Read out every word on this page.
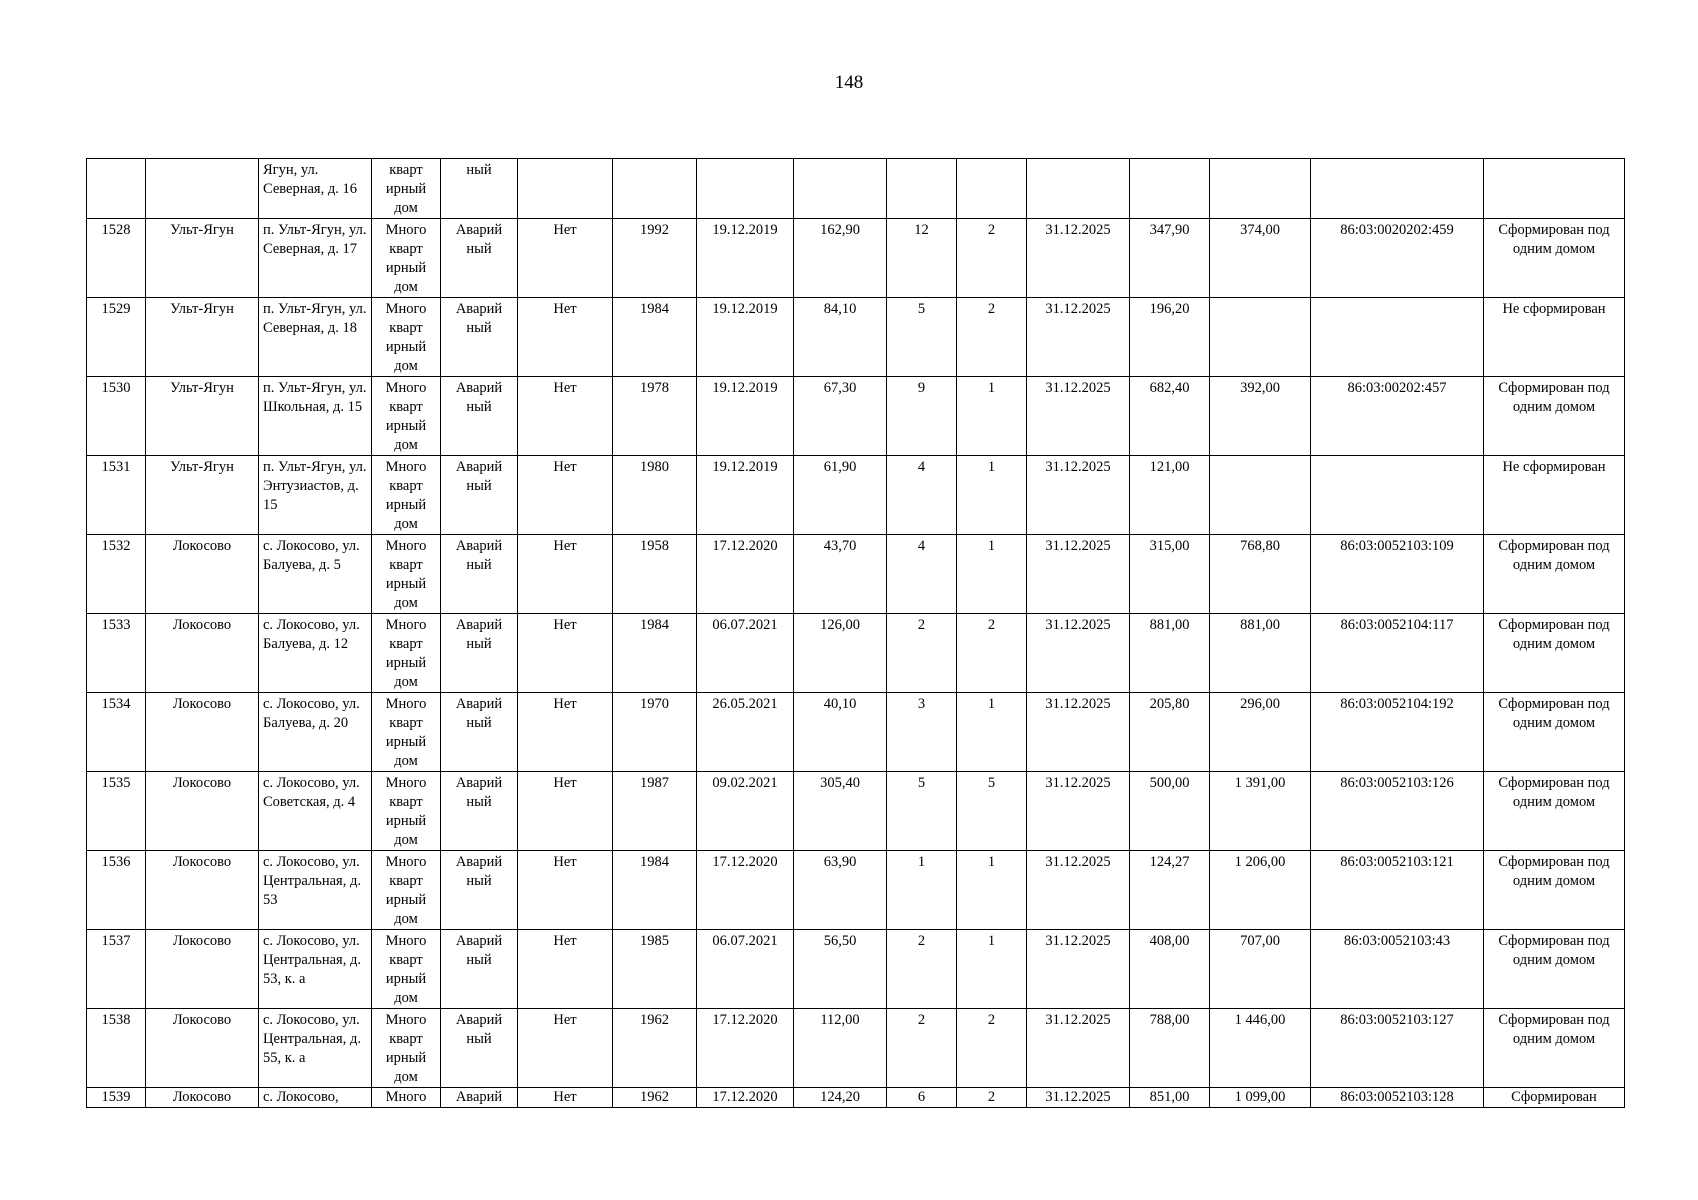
148
		Ягун, ул. Северная, д. 16	кварт ирный дом	ный											
1528	Ульт-Ягун	п. Ульт-Ягун, ул. Северная, д. 17	Много кварт ирный дом	Аварий ный	Нет	1992	19.12.2019	162,90	12	2	31.12.2025	347,90	374,00	86:03:0020202:459	Сформирован под одним домом
1529	Ульт-Ягун	п. Ульт-Ягун, ул. Северная, д. 18	Много кварт ирный дом	Аварий ный	Нет	1984	19.12.2019	84,10	5	2	31.12.2025	196,20			Не сформирован
1530	Ульт-Ягун	п. Ульт-Ягун, ул. Школьная, д. 15	Много кварт ирный дом	Аварий ный	Нет	1978	19.12.2019	67,30	9	1	31.12.2025	682,40	392,00	86:03:00202:457	Сформирован под одним домом
1531	Ульт-Ягун	п. Ульт-Ягун, ул. Энтузиастов, д. 15	Много кварт ирный дом	Аварий ный	Нет	1980	19.12.2019	61,90	4	1	31.12.2025	121,00			Не сформирован
1532	Локосово	с. Локосово, ул. Балуева, д. 5	Много кварт ирный дом	Аварий ный	Нет	1958	17.12.2020	43,70	4	1	31.12.2025	315,00	768,80	86:03:0052103:109	Сформирован под одним домом
1533	Локосово	с. Локосово, ул. Балуева, д. 12	Много кварт ирный дом	Аварий ный	Нет	1984	06.07.2021	126,00	2	2	31.12.2025	881,00	881,00	86:03:0052104:117	Сформирован под одним домом
1534	Локосово	с. Локосово, ул. Балуева, д. 20	Много кварт ирный дом	Аварий ный	Нет	1970	26.05.2021	40,10	3	1	31.12.2025	205,80	296,00	86:03:0052104:192	Сформирован под одним домом
1535	Локосово	с. Локосово, ул. Советская, д. 4	Много кварт ирный дом	Аварий ный	Нет	1987	09.02.2021	305,40	5	5	31.12.2025	500,00	1 391,00	86:03:0052103:126	Сформирован под одним домом
1536	Локосово	с. Локосово, ул. Центральная, д. 53	Много кварт ирный дом	Аварий ный	Нет	1984	17.12.2020	63,90	1	1	31.12.2025	124,27	1 206,00	86:03:0052103:121	Сформирован под одним домом
1537	Локосово	с. Локосово, ул. Центральная, д. 53, к. а	Много кварт ирный дом	Аварий ный	Нет	1985	06.07.2021	56,50	2	1	31.12.2025	408,00	707,00	86:03:0052103:43	Сформирован под одним домом
1538	Локосово	с. Локосово, ул. Центральная, д. 55, к. а	Много кварт ирный дом	Аварий ный	Нет	1962	17.12.2020	112,00	2	2	31.12.2025	788,00	1 446,00	86:03:0052103:127	Сформирован под одним домом
1539	Локосово	с. Локосово,	Много	Аварий	Нет	1962	17.12.2020	124,20	6	2	31.12.2025	851,00	1 099,00	86:03:0052103:128	Сформирован
